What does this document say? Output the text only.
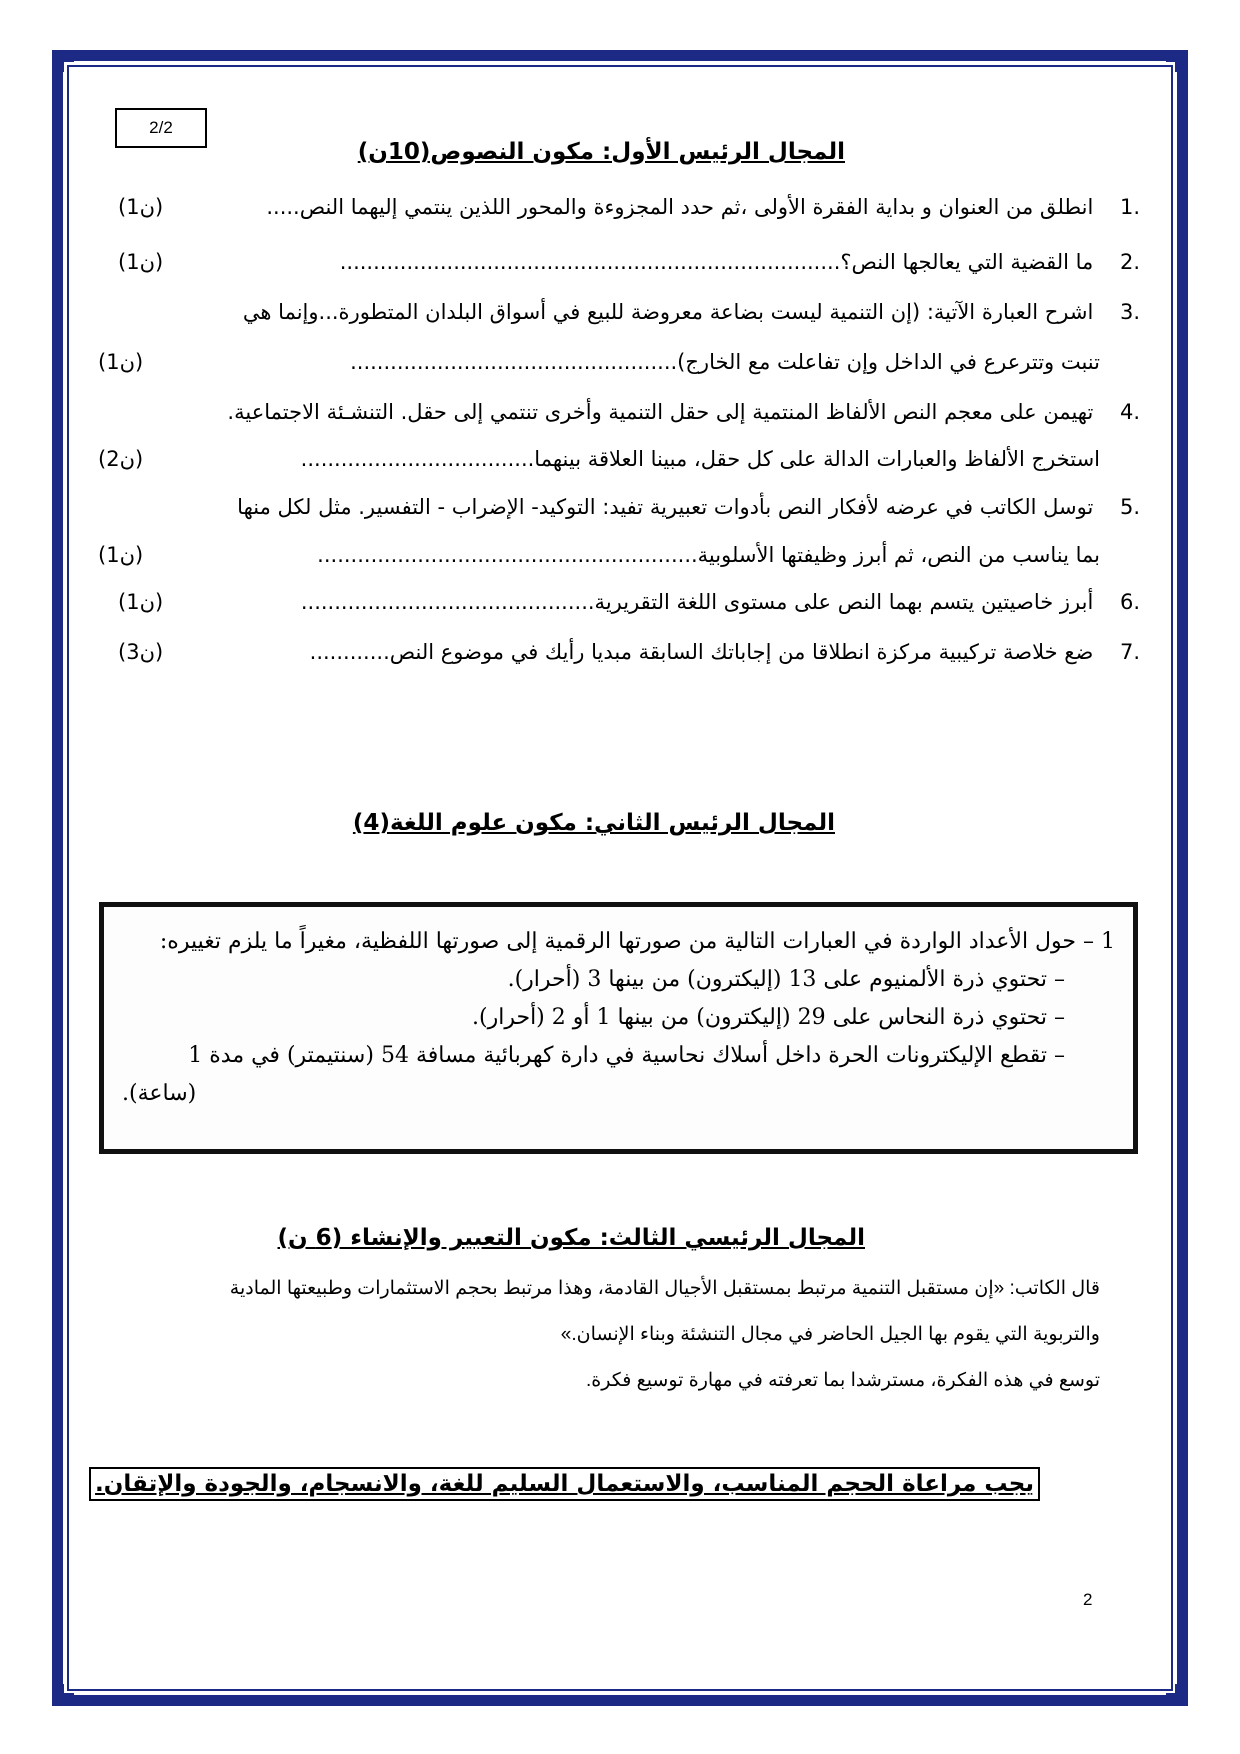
2/2
المجال الرئيس الأول: مكون النصوص(10ن)
.1 انطلق من العنوان و بداية الفقرة الأولى ،ثم حدد المجزوءة والمحور اللذين ينتمي إليهما النص.....
(1ن)
.2 ما القضية التي يعالجها النص؟...........................................................................
(1ن)
.3 اشرح العبارة الآتية: (إن التنمية ليست بضاعة معروضة للبيع في أسواق البلدان المتطورة...وإنما هي
تنبت وتترعرع في الداخل وإن تفاعلت مع الخارج).................................................
(1ن)
.4 تهيمن على معجم النص الألفاظ المنتمية إلى حقل التنمية وأخرى تنتمي إلى حقل. التنشـئة الاجتماعية.
استخرج الألفاظ والعبارات الدالة على كل حقل، مبينا العلاقة بينهما...................................
(2ن)
.5 توسل الكاتب في عرضه لأفكار النص بأدوات تعبيرية تفيد: التوكيد- الإضراب - التفسير. مثل لكل منها
بما يناسب من النص، ثم أبرز وظيفتها الأسلوبية.........................................................
(1ن)
.6 أبرز خاصيتين يتسم بهما النص على مستوى اللغة التقريرية............................................
(1ن)
.7 ضع خلاصة تركيبية مركزة انطلاقا من إجاباتك السابقة مبديا رأيك في موضوع النص............
(3ن)
المجال الرئيس الثاني: مكون علوم اللغة(4)
1 – حول الأعداد الواردة في العبارات التالية من صورتها الرقمية إلى صورتها اللفظية، مغيراً ما يلزم تغييره:
– تحتوي ذرة الألمنيوم على 13 (إليكترون) من بينها 3 (أحرار).
– تحتوي ذرة النحاس على 29 (إليكترون) من بينها 1 أو 2 (أحرار).
– تقطع الإليكترونات الحرة داخل أسلاك نحاسية في دارة كهربائية مسافة 54 (سنتيمتر) في مدة 1
(ساعة).
المجال الرئيسي الثالث: مكون التعبير والإنشاء (6 ن)
قال الكاتب: «إن مستقبل التنمية مرتبط بمستقبل الأجيال القادمة، وهذا مرتبط بحجم الاستثمارات وطبيعتها المادية
والتربوية التي يقوم بها الجيل الحاضر في مجال التنشئة وبناء الإنسان.»
توسع في هذه الفكرة، مسترشدا بما تعرفته في مهارة توسيع فكرة.
يجب مراعاة الحجم المناسب، والاستعمال السليم للغة، والانسجام، والجودة والإتقان.
2
